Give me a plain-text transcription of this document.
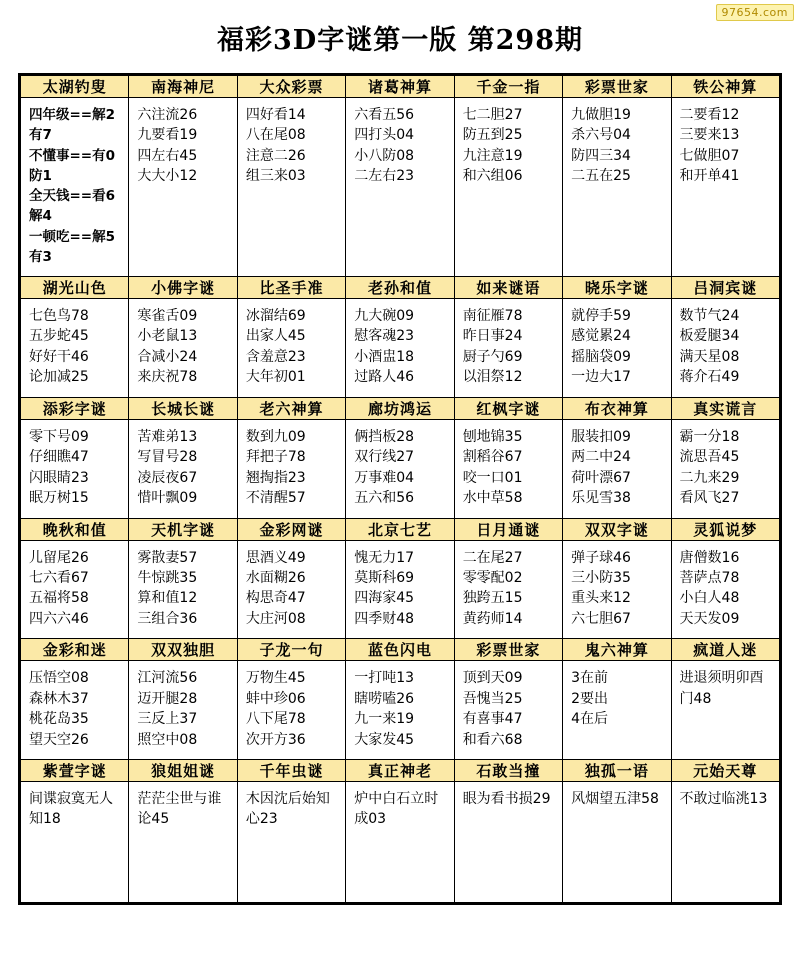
97654.com
福彩3D字谜第一版 第298期
太湖钓叟	南海神尼	大众彩票	诸葛神算	千金一指	彩票世家	铁公神算

四年级==解2有7
不懂事==有0防1
全天钱==看6解4
一顿吃==解5有3

六注流26
九要看19
四左右45
大大小12

四好看14
八在尾08
注意二26
组三来03

六看五56
四打头04
小八防08
二左右23

七二胆27
防五到25
九注意19
和六组06

九做胆19
杀六号04
防四三34
二五在25

二要看12
三要来13
七做胆07
和开单41

湖光山色	小佛字谜	比圣手准	老孙和值	如来谜语	晓乐字谜	吕洞宾谜

七色鸟78
五步蛇45
好好干46
论加减25

寒雀舌09
小老鼠13
合减小24
来庆祝78

冰溜结69
出家人45
含羞意23
大年初01

九大碗09
慰客魂23
小酒盅18
过路人46

南征雁78
昨日事24
厨子勺69
以泪祭12

就停手59
感觉累24
摇脑袋09
一边大17

数节气24
板爱腿34
满天星08
蒋介石49

添彩字谜	长城长谜	老六神算	廊坊鸿运	红枫字谜	布衣神算	真实谎言

零下号09
仔细瞧47
闪眼睛23
眠万树15

苦难弟13
写冒号28
凌辰夜67
惜叶飘09

数到九09
拜把子78
翘掏指23
不清醒57

俩挡板28
双行线27
万事难04
五六和56

刨地锦35
割稻谷67
咬一口01
水中草58

服装扣09
两二中24
荷叶漂67
乐见雪38

霸一分18
流思吾45
二九来29
看风飞27

晚秋和值	天机字谜	金彩网谜	北京七艺	日月通谜	双双字谜	灵狐说梦

儿留尾26
七六看67
五福将58
四六六46

雾散妻57
牛惊跳35
算和值12
三组合36

思酒义49
水面糊26
构思奇47
大庄河08

愧无力17
莫斯科69
四海家45
四季财48

二在尾27
零零配02
独跨五15
黄药师14

弹子球46
三小防35
重头来12
六七胆67

唐僧数16
菩萨点78
小白人48
天天发09

金彩和迷	双双独胆	子龙一句	蓝色闪电	彩票世家	鬼六神算	疯道人迷

压悟空08
森林木37
桃花岛35
望天空26

江河流56
迈开腿28
三反上37
照空中08

万物生45
蚌中珍06
八下尾78
次开方36

一打吨13
瞎唠嗑26
九一来19
大家发45

顶到天09
吾愧当25
有喜事47
和看六68

3在前
2要出
4在后

进退须明卯酉门48

紫萱字谜	狼姐姐谜	千年虫谜	真正神老	石敢当撞	独孤一语	元始天尊

间谍寂寞无人知18	茫茫尘世与谁论45	木因沈后始知心23	炉中白石立时成03	眼为看书损29	风烟望五津58	不敢过临洮13
